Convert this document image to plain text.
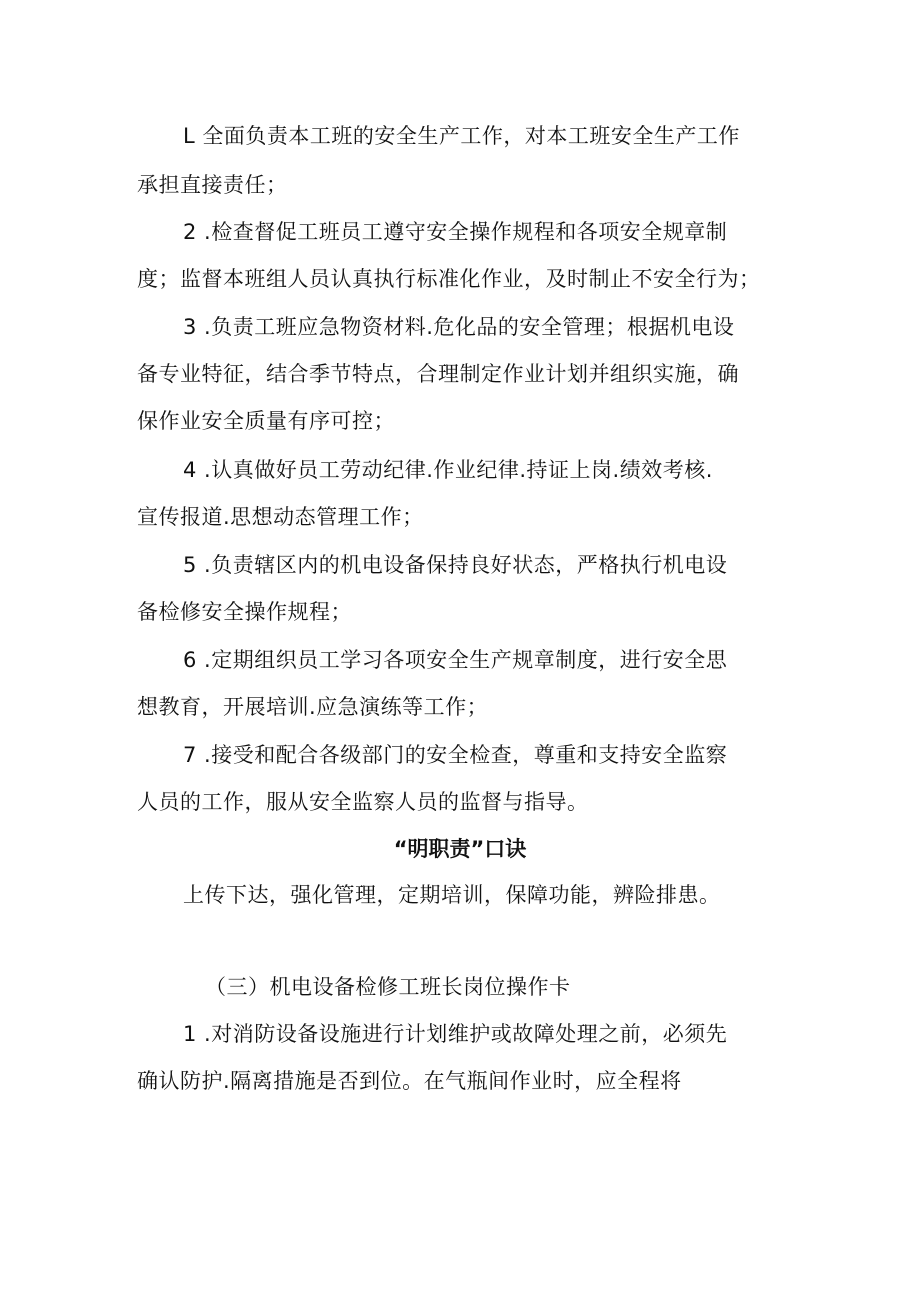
L 全面负责本工班的安全生产工作，对本工班安全生产工作
承担直接责任；
2 .检查督促工班员工遵守安全操作规程和各项安全规章制
度；监督本班组人员认真执行标准化作业，及时制止不安全行为；
3 .负责工班应急物资材料.危化品的安全管理；根据机电设
备专业特征，结合季节特点，合理制定作业计划并组织实施，确
保作业安全质量有序可控；
4 .认真做好员工劳动纪律.作业纪律.持证上岗.绩效考核.
宣传报道.思想动态管理工作；
5 .负责辖区内的机电设备保持良好状态，严格执行机电设
备检修安全操作规程；
6 .定期组织员工学习各项安全生产规章制度，进行安全思
想教育，开展培训.应急演练等工作；
7 .接受和配合各级部门的安全检查，尊重和支持安全监察
人员的工作，服从安全监察人员的监督与指导。
“明职责”口诀
上传下达，强化管理，定期培训，保障功能，辨险排患。
（三）机电设备检修工班长岗位操作卡
1 .对消防设备设施进行计划维护或故障处理之前，必须先
确认防护.隔离措施是否到位。在气瓶间作业时，应全程将
